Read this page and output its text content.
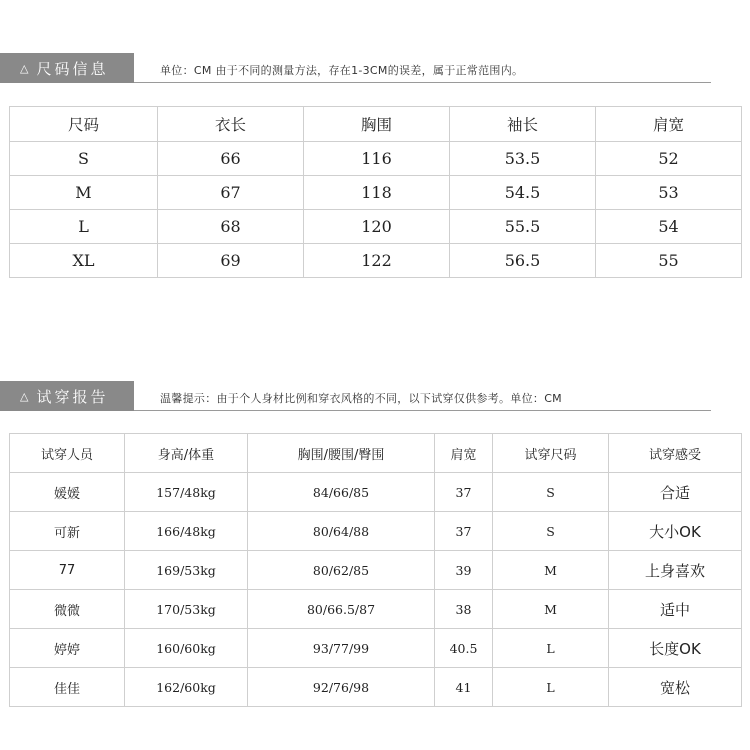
△ 尺码信息	单位：CM 由于不同的测量方法，存在1-3CM的误差，属于正常范围内。
尺码	衣长	胸围	袖长	肩宽
S	66	116	53.5	52
M	67	118	54.5	53
L	68	120	55.5	54
XL	69	122	56.5	55
△ 试穿报告	温馨提示：由于个人身材比例和穿衣风格的不同，以下试穿仅供参考。单位：CM
试穿人员	身高/体重	胸围/腰围/臀围	肩宽	试穿尺码	试穿感受
媛媛	157/48kg	84/66/85	37	S	合适
可新	166/48kg	80/64/88	37	S	大小OK
77	169/53kg	80/62/85	39	M	上身喜欢
微微	170/53kg	80/66.5/87	38	M	适中
婷婷	160/60kg	93/77/99	40.5	L	长度OK
佳佳	162/60kg	92/76/98	41	L	宽松
